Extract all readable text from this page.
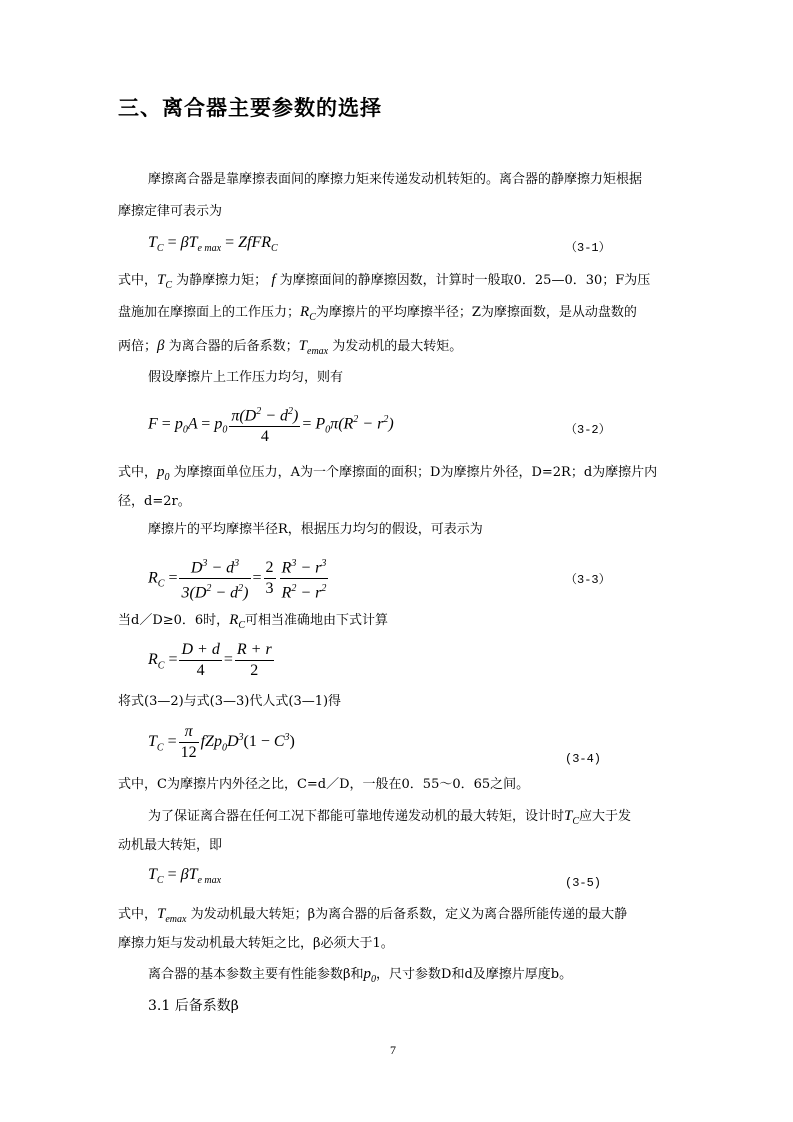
三、离合器主要参数的选择
摩擦离合器是靠摩擦表面间的摩擦力矩来传递发动机转矩的。离合器的静摩擦力矩根据
摩擦定律可表示为
$T_C = \beta T_{e max}$ = ZfFR$_C$	（3-1）
式中，$T_C$ 为静摩擦力矩； f 为摩擦面间的静摩擦因数，计算时一般取0．25—0．30；F为压
盘施加在摩擦面上的工作压力；$R_C$为摩擦片的平均摩擦半径；Z为摩擦面数，是从动盘数的
两倍；β 为离合器的后备系数；$T_{emax}$ 为发动机的最大转矩。
假设摩擦片上工作压力均匀，则有
$F = p_0A = p_0 \frac{\pi(D^2 - d^2)}{4} = P_0\pi(R^2 - r^2)$	（3-2）
式中，$p_0$ 为摩擦面单位压力，A为一个摩擦面的面积；D为摩擦片外径，D=2R；d为摩擦片内
径，d=2r。
摩擦片的平均摩擦半径R，根据压力均匀的假设，可表示为
$R_C = \frac{D^3 - d^3}{3(D^2 - d^2)} = \frac{2}{3} \frac{R^3 - r^3}{R^2 - r^2}$	（3-3）
当d／D≥0．6时，$R_C$可相当准确地由下式计算
$R_C = \frac{D + d}{4} = \frac{R + r}{2}$
将式(3—2)与式(3—3)代人式(3—1)得
$T_C = \frac{\pi}{12} fZp_0D^3(1 - C^3)$
(3-4)
式中，C为摩擦片内外径之比，C=d／D，一般在0．55～0．65之间。
为了保证离合器在任何工况下都能可靠地传递发动机的最大转矩，设计时$T_C$应大于发
动机最大转矩，即
$T_C = \beta T_{e max}$	(3-5)
式中，$T_{emax}$ 为发动机最大转矩；β为离合器的后备系数，定义为离合器所能传递的最大静
摩擦力矩与发动机最大转矩之比，β必须大于1。
离合器的基本参数主要有性能参数β和$p_0$，尺寸参数D和d及摩擦片厚度b。
3.1 后备系数β
7
